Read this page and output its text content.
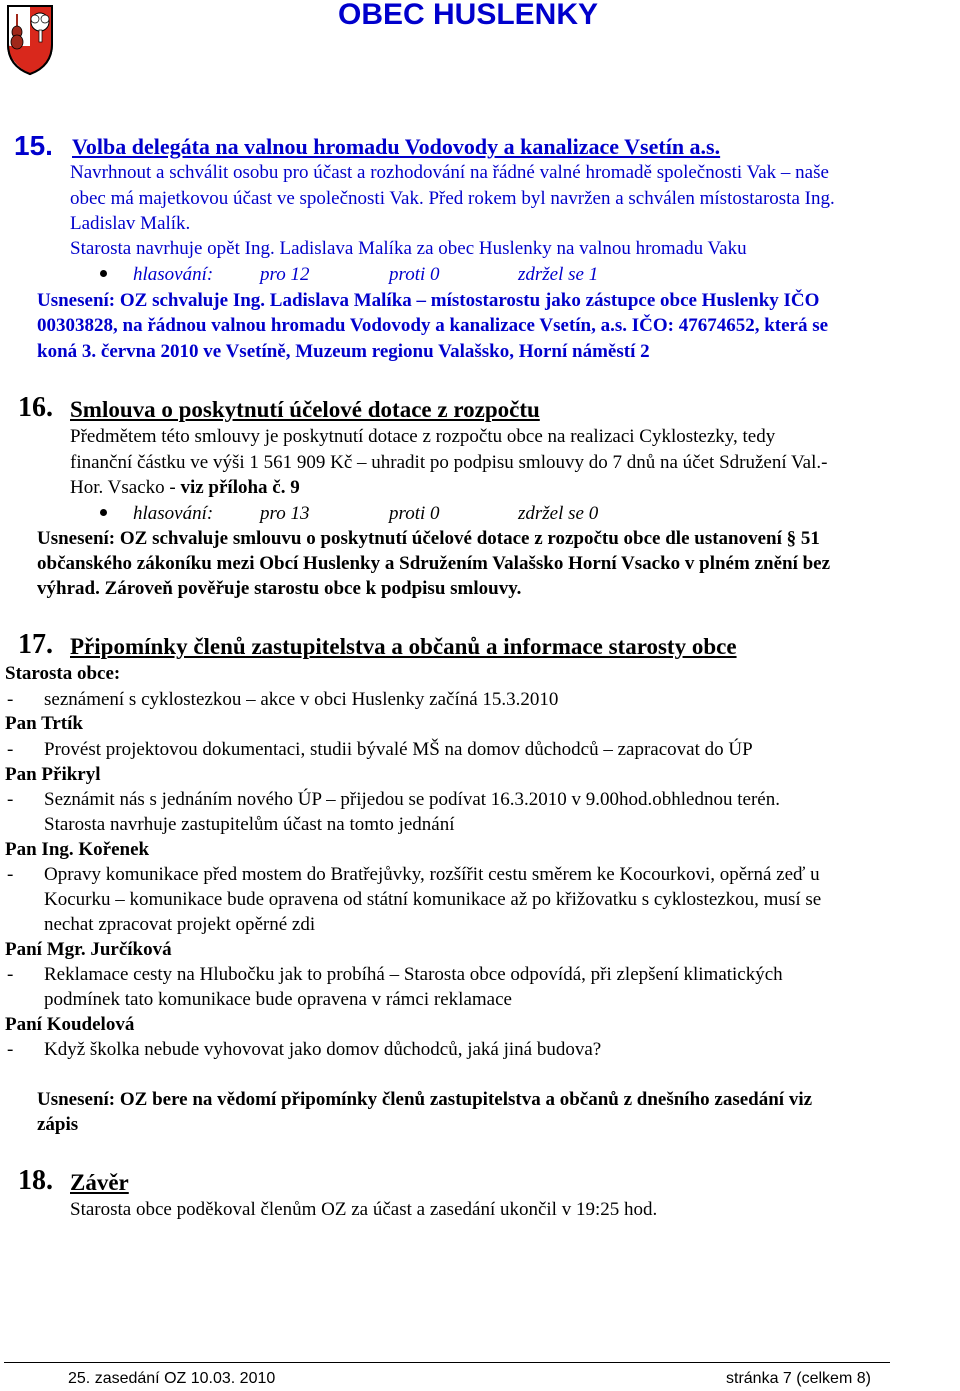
OBEC HUSLENKY
15. Volba delegáta na valnou hromadu Vodovody a kanalizace Vsetín a.s.
Navrhnout a schválit osobu pro účast a rozhodování na řádné valné hromadě společnosti Vak – naše
obec má majetkovou účast ve společnosti Vak. Před rokem byl navržen a schválen místostarosta Ing.
Ladislav Malík.
Starosta navrhuje opět Ing. Ladislava Malíka za obec Huslenky na valnou hromadu Vaku
hlasování: pro 12	proti 0	zdržel se 1
Usnesení: OZ schvaluje Ing. Ladislava Malíka – místostarostu jako zástupce obce Huslenky IČO
00303828, na řádnou valnou hromadu Vodovody a kanalizace Vsetín, a.s. IČO: 47674652, která se
koná 3. června 2010 ve Vsetíně, Muzeum regionu Valašsko, Horní náměstí 2
16. Smlouva o poskytnutí účelové dotace z rozpočtu
Předmětem této smlouvy je poskytnutí dotace z rozpočtu obce na realizaci Cyklostezky, tedy
finanční částku ve výši 1 561 909 Kč – uhradit po podpisu smlouvy do 7 dnů na účet Sdružení Val.-
Hor. Vsacko - viz příloha č. 9
hlasování: pro 13	proti 0	zdržel se 0
Usnesení: OZ schvaluje smlouvu o poskytnutí účelové dotace z rozpočtu obce dle ustanovení § 51
občanského zákoníku mezi Obcí Huslenky a Sdružením Valašsko Horní Vsacko v plném znění bez
výhrad. Zároveň pověřuje starostu obce k podpisu smlouvy.
17. Připomínky členů zastupitelstva a občanů a informace starosty obce
Starosta obce:
- seznámení s cyklostezkou – akce v obci Huslenky začíná 15.3.2010
Pan Trtík
- Provést projektovou dokumentaci, studii bývalé MŠ na domov důchodců – zapracovat do ÚP
Pan Přikryl
- Seznámit nás s jednáním nového ÚP – přijedou se podívat 16.3.2010 v 9.00hod.obhlednou terén.
Starosta navrhuje zastupitelům účast na tomto jednání
Pan Ing. Kořenek
- Opravy komunikace před mostem do Bratřejůvky, rozšířit cestu směrem ke Kocourkovi, opěrná zeď u
Kocurku – komunikace bude opravena od státní komunikace až po křižovatku s cyklostezkou, musí se
nechat zpracovat projekt opěrné zdi
Paní Mgr. Jurčíková
- Reklamace cesty na Hlubočku jak to probíhá – Starosta obce odpovídá, při zlepšení klimatických
podmínek tato komunikace bude opravena v rámci reklamace
Paní Koudelová
- Když školka nebude vyhovovat jako domov důchodců, jaká jiná budova?
Usnesení: OZ bere na vědomí připomínky členů zastupitelstva a občanů z dnešního zasedání viz
zápis
18. Závěr
Starosta obce poděkoval členům OZ za účast a zasedání ukončil v 19:25 hod.
25. zasedání OZ 10.03. 2010	stránka 7 (celkem 8)
